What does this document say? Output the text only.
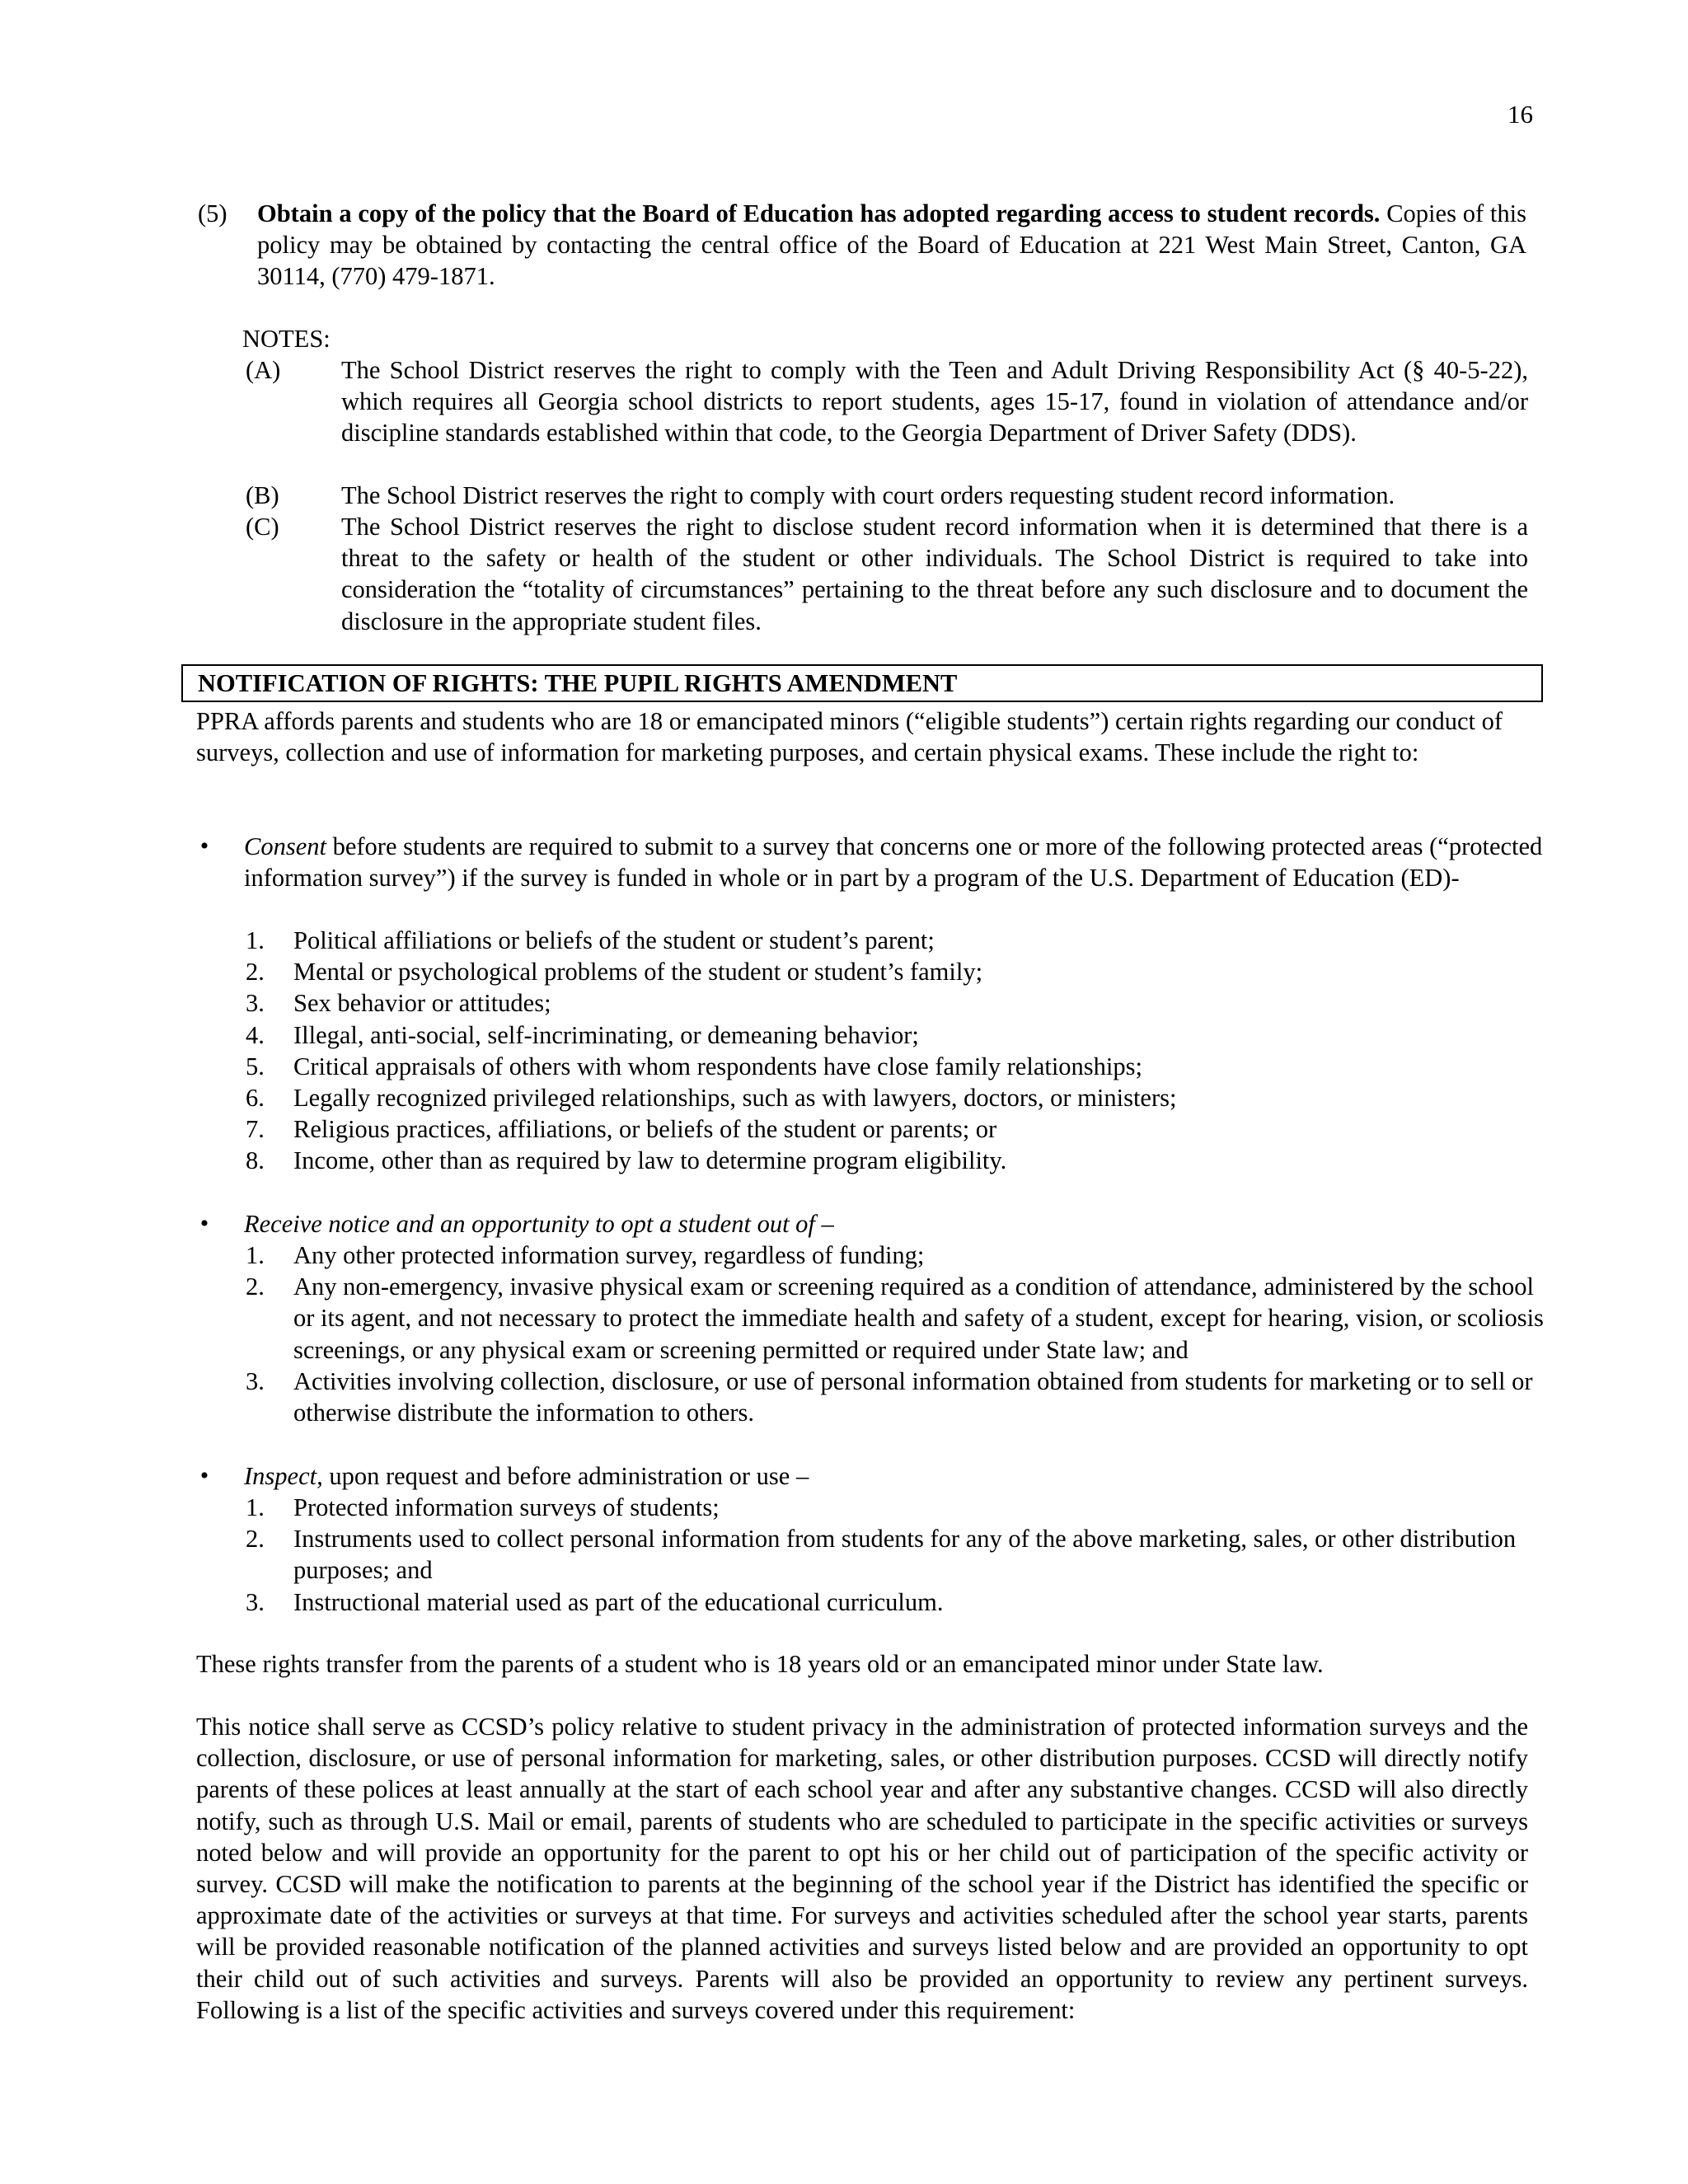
16
(5) Obtain a copy of the policy that the Board of Education has adopted regarding access to student records. Copies of this policy may be obtained by contacting the central office of the Board of Education at 221 West Main Street, Canton, GA 30114, (770) 479-1871.
NOTES:
(A) The School District reserves the right to comply with the Teen and Adult Driving Responsibility Act (§ 40-5-22), which requires all Georgia school districts to report students, ages 15-17, found in violation of attendance and/or discipline standards established within that code, to the Georgia Department of Driver Safety (DDS).
(B) The School District reserves the right to comply with court orders requesting student record information.
(C) The School District reserves the right to disclose student record information when it is determined that there is a threat to the safety or health of the student or other individuals. The School District is required to take into consideration the “totality of circumstances” pertaining to the threat before any such disclosure and to document the disclosure in the appropriate student files.
NOTIFICATION OF RIGHTS: THE PUPIL RIGHTS AMENDMENT
PPRA affords parents and students who are 18 or emancipated minors (“eligible students”) certain rights regarding our conduct of surveys, collection and use of information for marketing purposes, and certain physical exams. These include the right to:
• Consent before students are required to submit to a survey that concerns one or more of the following protected areas (“protected information survey”) if the survey is funded in whole or in part by a program of the U.S. Department of Education (ED)-
1. Political affiliations or beliefs of the student or student’s parent;
2. Mental or psychological problems of the student or student’s family;
3. Sex behavior or attitudes;
4. Illegal, anti-social, self-incriminating, or demeaning behavior;
5. Critical appraisals of others with whom respondents have close family relationships;
6. Legally recognized privileged relationships, such as with lawyers, doctors, or ministers;
7. Religious practices, affiliations, or beliefs of the student or parents; or
8. Income, other than as required by law to determine program eligibility.
• Receive notice and an opportunity to opt a student out of –
1. Any other protected information survey, regardless of funding;
2. Any non-emergency, invasive physical exam or screening required as a condition of attendance, administered by the school or its agent, and not necessary to protect the immediate health and safety of a student, except for hearing, vision, or scoliosis screenings, or any physical exam or screening permitted or required under State law; and
3. Activities involving collection, disclosure, or use of personal information obtained from students for marketing or to sell or otherwise distribute the information to others.
• Inspect, upon request and before administration or use –
1. Protected information surveys of students;
2. Instruments used to collect personal information from students for any of the above marketing, sales, or other distribution purposes; and
3. Instructional material used as part of the educational curriculum.
These rights transfer from the parents of a student who is 18 years old or an emancipated minor under State law.
This notice shall serve as CCSD’s policy relative to student privacy in the administration of protected information surveys and the collection, disclosure, or use of personal information for marketing, sales, or other distribution purposes. CCSD will directly notify parents of these polices at least annually at the start of each school year and after any substantive changes. CCSD will also directly notify, such as through U.S. Mail or email, parents of students who are scheduled to participate in the specific activities or surveys noted below and will provide an opportunity for the parent to opt his or her child out of participation of the specific activity or survey. CCSD will make the notification to parents at the beginning of the school year if the District has identified the specific or approximate date of the activities or surveys at that time. For surveys and activities scheduled after the school year starts, parents will be provided reasonable notification of the planned activities and surveys listed below and are provided an opportunity to opt their child out of such activities and surveys. Parents will also be provided an opportunity to review any pertinent surveys. Following is a list of the specific activities and surveys covered under this requirement:
